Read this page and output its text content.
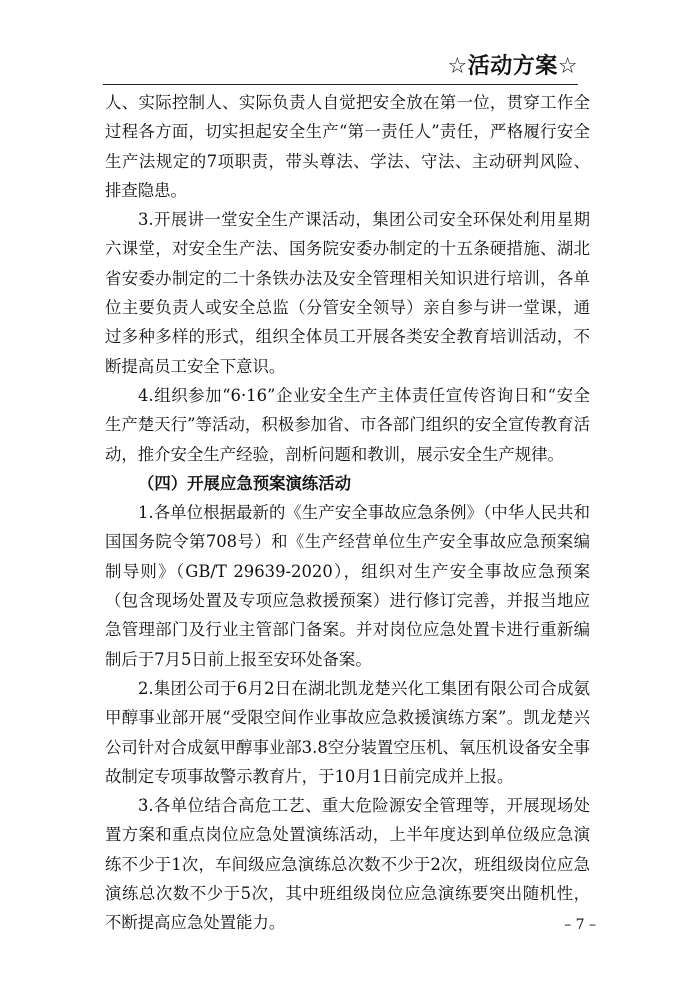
☆活动方案☆

人、实际控制人、实际负责人自觉把安全放在第一位，贯穿工作全过程各方面，切实担起安全生产“第一责任人”责任，严格履行安全生产法规定的7项职责，带头尊法、学法、守法、主动研判风险、排查隐患。

3.开展讲一堂安全生产课活动，集团公司安全环保处利用星期六课堂，对安全生产法、国务院安委办制定的十五条硬措施、湖北省安委办制定的二十条铁办法及安全管理相关知识进行培训，各单位主要负责人或安全总监（分管安全领导）亲自参与讲一堂课，通过多种多样的形式，组织全体员工开展各类安全教育培训活动，不断提高员工安全下意识。

4.组织参加“6·16”企业安全生产主体责任宣传咨询日和“安全生产楚天行”等活动，积极参加省、市各部门组织的安全宣传教育活动，推介安全生产经验，剖析问题和教训，展示安全生产规律。

（四）开展应急预案演练活动

1.各单位根据最新的《生产安全事故应急条例》（中华人民共和国国务院令第708号）和《生产经营单位生产安全事故应急预案编制导则》（GB/T 29639-2020），组织对生产安全事故应急预案（包含现场处置及专项应急救援预案）进行修订完善，并报当地应急管理部门及行业主管部门备案。并对岗位应急处置卡进行重新编制后于7月5日前上报至安环处备案。

2.集团公司于6月2日在湖北凯龙楚兴化工集团有限公司合成氨甲醇事业部开展“受限空间作业事故应急救援演练方案”。凯龙楚兴公司针对合成氨甲醇事业部3.8空分装置空压机、氧压机设备安全事故制定专项事故警示教育片，于10月1日前完成并上报。

3.各单位结合高危工艺、重大危险源安全管理等，开展现场处置方案和重点岗位应急处置演练活动，上半年度达到单位级应急演练不少于1次，车间级应急演练总次数不少于2次，班组级岗位应急演练总次数不少于5次，其中班组级岗位应急演练要突出随机性，不断提高应急处置能力。	– 7 –
